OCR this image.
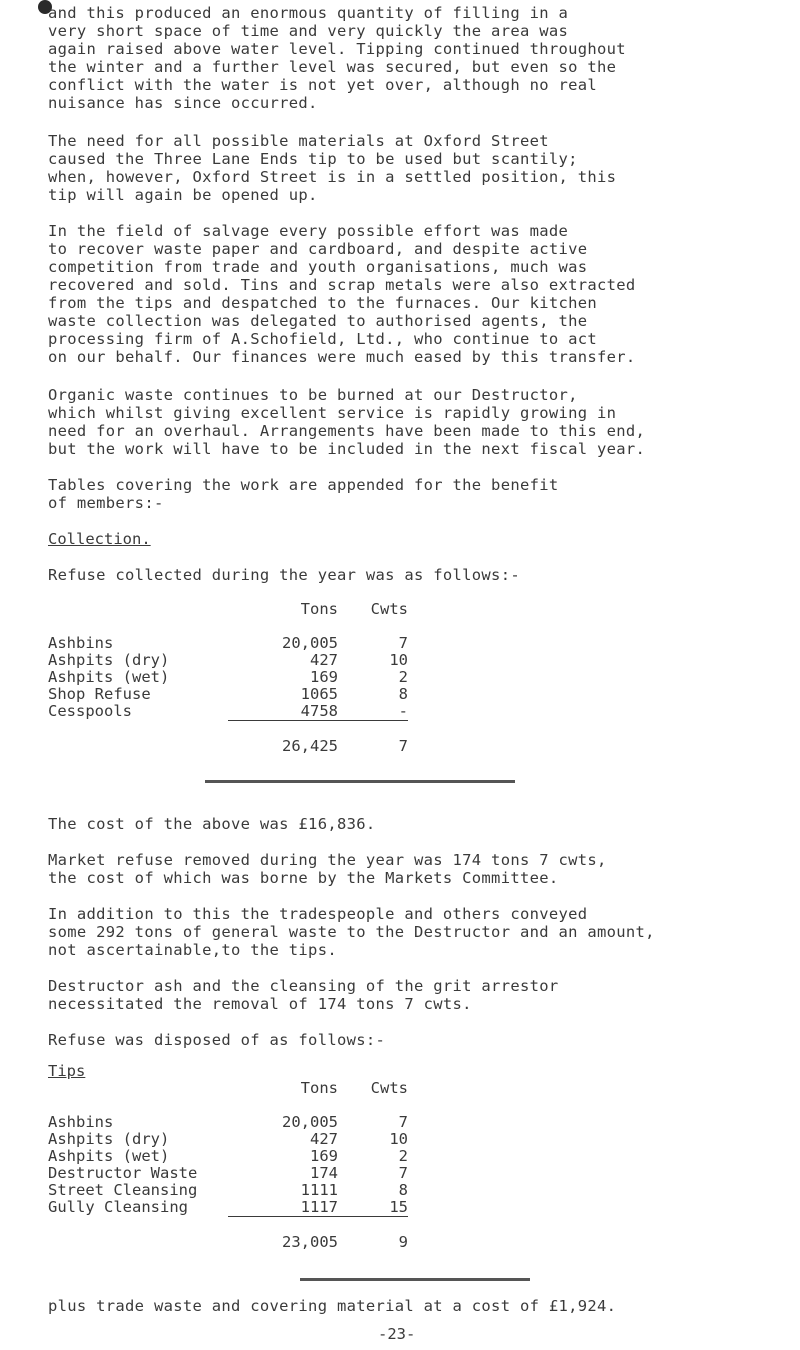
and this produced an enormous quantity of filling in a
very short space of time and very quickly the area was
again raised above water level. Tipping continued throughout
the winter and a further level was secured, but even so the
conflict with the water is not yet over, although no real
nuisance has since occurred.
The need for all possible materials at Oxford Street
caused the Three Lane Ends tip to be used but scantily;
when, however, Oxford Street is in a settled position, this
tip will again be opened up.
In the field of salvage every possible effort was made
to recover waste paper and cardboard, and despite active
competition from trade and youth organisations, much was
recovered and sold. Tins and scrap metals were also extracted
from the tips and despatched to the furnaces. Our kitchen
waste collection was delegated to authorised agents, the
processing firm of A.Schofield, Ltd., who continue to act
on our behalf. Our finances were much eased by this transfer.
Organic waste continues to be burned at our Destructor,
which whilst giving excellent service is rapidly growing in
need for an overhaul. Arrangements have been made to this end,
but the work will have to be included in the next fiscal year.
Tables covering the work are appended for the benefit
of members:-
Collection.
Refuse collected during the year was as follows:-
	Tons	Cwts

Ashbins	20,005	7
Ashpits (dry)	427	10
Ashpits (wet)	169	2
Shop Refuse	1065	8
Cesspools	4758	-

	26,425	7
The cost of the above was £16,836.
Market refuse removed during the year was 174 tons 7 cwts,
the cost of which was borne by the Markets Committee.
In addition to this the tradespeople and others conveyed
some 292 tons of general waste to the Destructor and an amount,
not ascertainable,to the tips.
Destructor ash and the cleansing of the grit arrestor
necessitated the removal of 174 tons 7 cwts.
Refuse was disposed of as follows:-
Tips
	Tons	Cwts

Ashbins	20,005	7
Ashpits (dry)	427	10
Ashpits (wet)	169	2
Destructor Waste	174	7
Street Cleansing	1111	8
Gully Cleansing	1117	15

	23,005	9
plus trade waste and covering material at a cost of £1,924.
-23-
